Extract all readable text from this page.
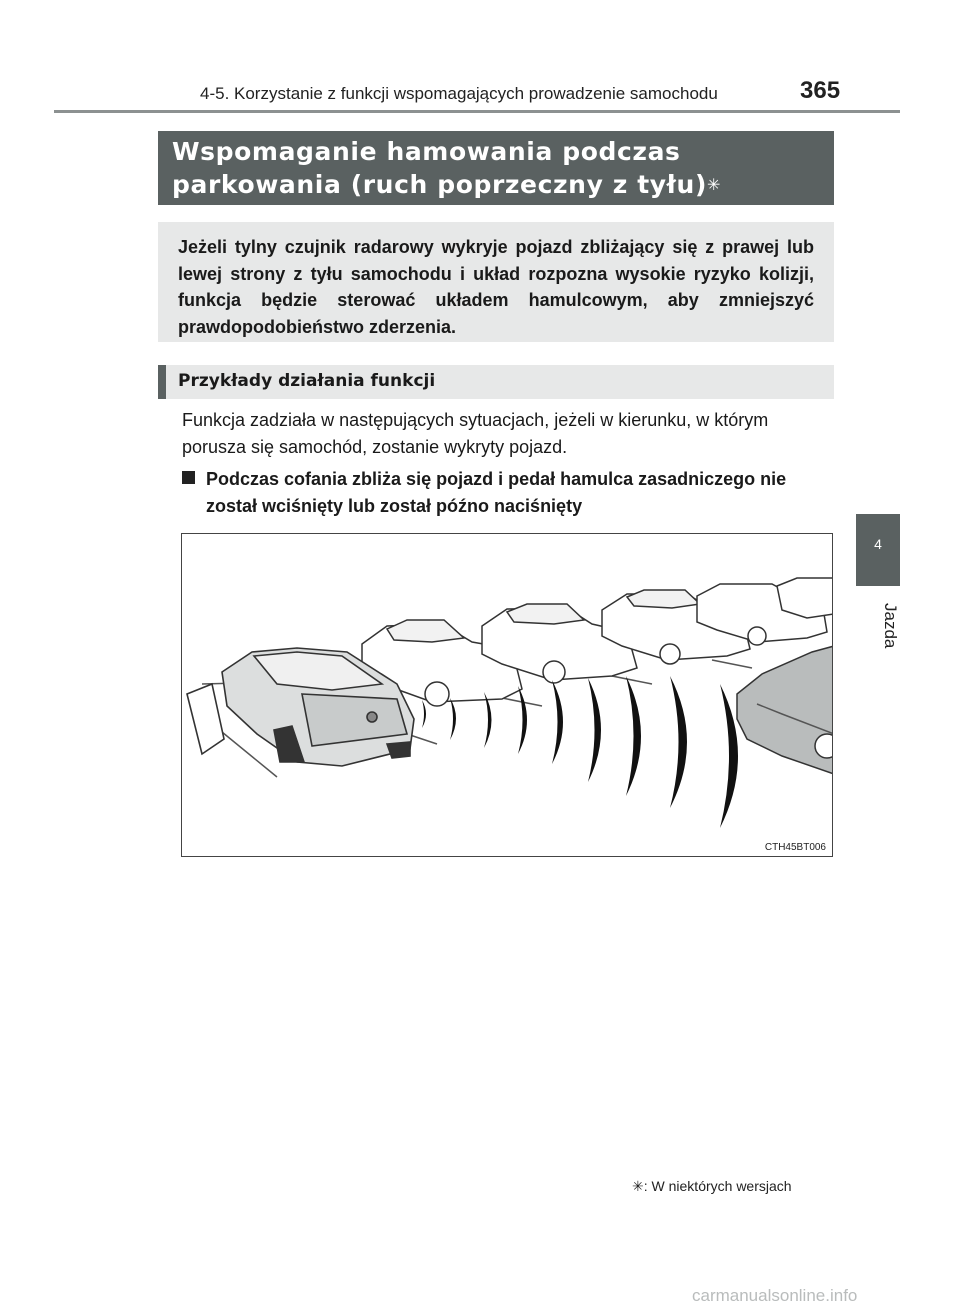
4-5. Korzystanie z funkcji wspomagających prowadzenie samochodu	365
4
Jazda
Wspomaganie hamowania podczas
parkowania (ruch poprzeczny z tyłu)✳
Jeżeli tylny czujnik radarowy wykryje pojazd zbliżający się z prawej lub lewej strony z tyłu samochodu i układ rozpozna wysokie ryzyko kolizji, funkcja będzie sterować układem hamulcowym, aby zmniejszyć prawdopodobieństwo zderzenia.
Przykłady działania funkcji
Funkcja zadziała w następujących sytuacjach, jeżeli w kierunku, w którym porusza się samochód, zostanie wykryty pojazd.
Podczas cofania zbliża się pojazd i pedał hamulca zasadniczego nie został wciśnięty lub został późno naciśnięty
CTH45BT006
✳: W niektórych wersjach
carmanualsonline.info
